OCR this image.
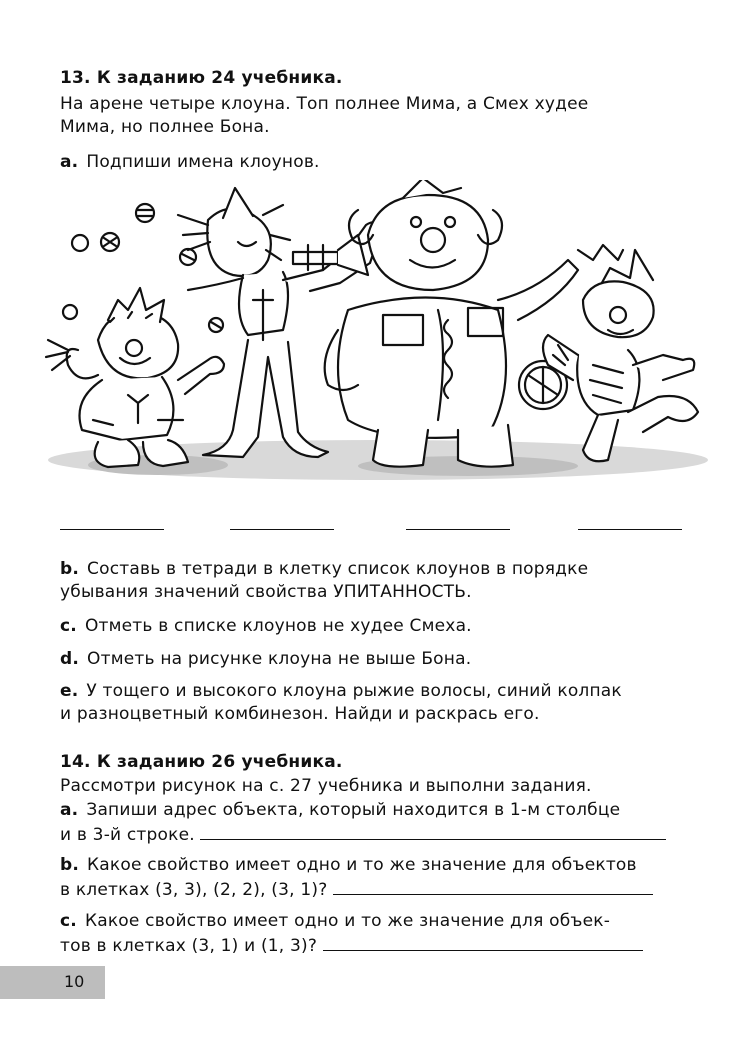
13. К заданию 24 учебника.
На арене четыре клоуна. Топ полнее Мима, а Смех худее
Мима, но полнее Бона.
a. Подпиши имена клоунов.
b. Составь в тетради в клетку список клоунов в порядке
убывания значений свойства УПИТАННОСТЬ.
c. Отметь в списке клоунов не худее Смеха.
d. Отметь на рисунке клоуна не выше Бона.
e. У тощего и высокого клоуна рыжие волосы, синий колпак
и разноцветный комбинезон. Найди и раскрась его.
14. К заданию 26 учебника.
Рассмотри рисунок на с. 27 учебника и выполни задания.
a. Запиши адрес объекта, который находится в 1-м столбце
и в 3-й строке.
b. Какое свойство имеет одно и то же значение для объектов
в клетках (3, 3), (2, 2), (3, 1)?
c. Какое свойство имеет одно и то же значение для объек-
тов в клетках (3, 1) и (1, 3)?
10
